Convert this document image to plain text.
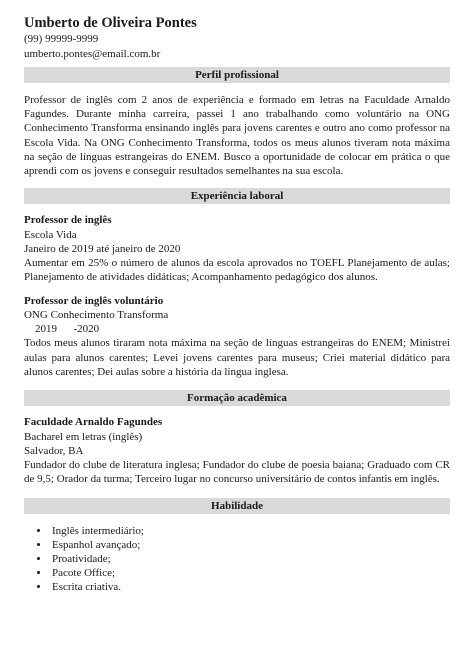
Umberto de Oliveira Pontes

(99) 99999-9999

umberto.pontes@email.com.br

Perfil profissional

Professor de inglês com 2 anos de experiência e formado em letras na Faculdade Arnaldo Fagundes. Durante minha carreira, passei 1 ano trabalhando como voluntário na ONG Conhecimento Transforma ensinando inglês para jovens carentes e outro ano como professor na Escola Vida. Na ONG Conhecimento Transforma, todos os meus alunos tiveram nota máxima na seção de línguas estrangeiras do ENEM. Busco a oportunidade de colocar em prática o que aprendi com os jovens e conseguir resultados semelhantes na sua escola.

Experiência laboral

Professor de inglês

Escola Vida

Janeiro de 2019 até janeiro de 2020

Aumentar em 25% o número de alunos da escola aprovados no TOEFL Planejamento de aulas; Planejamento de atividades didáticas; Acompanhamento pedagógico dos alunos.

Professor de inglês voluntário

ONG Conhecimento Transforma

2019      -2020

Todos meus alunos tiraram nota máxima na seção de línguas estrangeiras do ENEM; Ministrei aulas para alunos carentes; Levei jovens carentes para museus; Criei material didático para alunos carentes; Dei aulas sobre a história da língua inglesa.

Formação acadêmica

Faculdade Arnaldo Fagundes

Bacharel em letras (inglês)

Salvador, BA

Fundador do clube de literatura inglesa; Fundador do clube de poesia baiana; Graduado com CR de 9,5; Orador da turma; Terceiro lugar no concurso universitário de contos infantis em inglês.

Habilidade
• Inglês intermediário;
• Espanhol avançado;
• Proatividade;
• Pacote Office;
• Escrita criativa.
